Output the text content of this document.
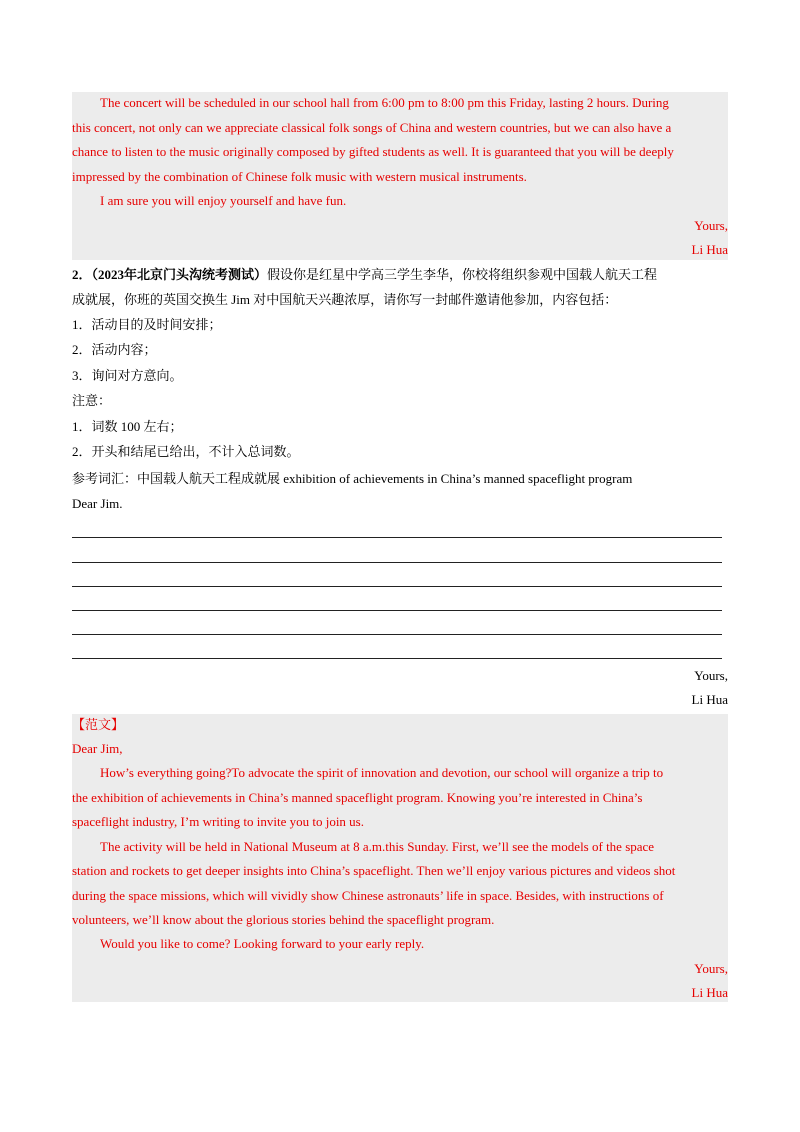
The concert will be scheduled in our school hall from 6:00 pm to 8:00 pm this Friday, lasting 2 hours. During
this concert, not only can we appreciate classical folk songs of China and western countries, but we can also have a
chance to listen to the music originally composed by gifted students as well. It is guaranteed that you will be deeply
impressed by the combination of Chinese folk music with western musical instruments.
I am sure you will enjoy yourself and have fun.
Yours,
Li Hua
2．（2023年北京门头沟统考测试）假设你是红星中学高三学生李华，你校将组织参观中国载人航天工程
成就展，你班的英国交换生 Jim 对中国航天兴趣浓厚，请你写一封邮件邀请他参加，内容包括：
1．活动目的及时间安排；
2．活动内容；
3．询问对方意向。
注意：
1．词数 100 左右；
2．开头和结尾已给出，不计入总词数。
参考词汇：中国载人航天工程成就展 exhibition of achievements in China’s manned spaceflight program
Dear Jim.
Yours,
Li Hua
【范文】
Dear Jim,
How’s everything going?To advocate the spirit of innovation and devotion, our school will organize a trip to
the exhibition of achievements in China’s manned spaceflight program. Knowing you’re interested in China’s
spaceflight industry, I’m writing to invite you to join us.
The activity will be held in National Museum at 8 a.m.this Sunday. First, we’ll see the models of the space
station and rockets to get deeper insights into China’s spaceflight. Then we’ll enjoy various pictures and videos shot
during the space missions, which will vividly show Chinese astronauts’ life in space. Besides, with instructions of
volunteers, we’ll know about the glorious stories behind the spaceflight program.
Would you like to come? Looking forward to your early reply.
Yours,
Li Hua
